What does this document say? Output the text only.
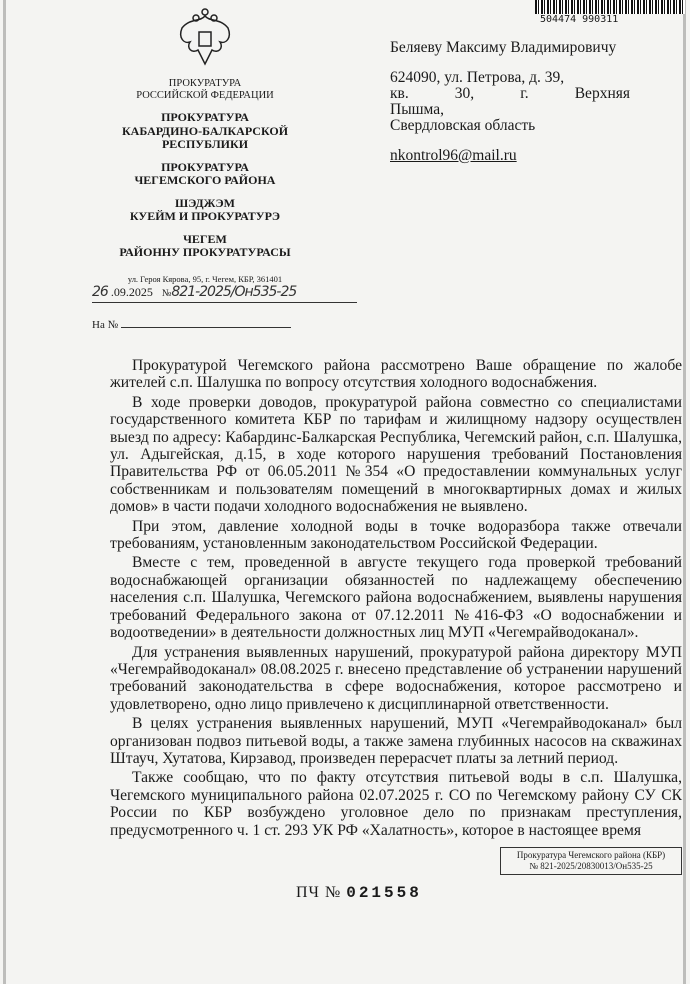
ПРОКУРАТУРА
РОССИЙСКОЙ ФЕДЕРАЦИИ
ПРОКУРАТУРА
КАБАРДИНО-БАЛКАРСКОЙ
РЕСПУБЛИКИ
ПРОКУРАТУРА
ЧЕГЕМСКОГО РАЙОНА
ШЭДЖЭМ
КУЕЙМ И ПРОКУРАТУРЭ
ЧЕГЕМ
РАЙОННУ ПРОКУРАТУРАСЫ
ул. Героя Кярова, 95, г. Чегем, КБР, 361401
26 .09.2025 №821-2025/Он535-25
На №
504474 990311

Беляеву Максиму Владимировичу

624090, ул. Петрова, д. 39,
кв. 30, г. Верхняя Пышма,
Свердловская область

nkontrol96@mail.ru

Прокуратурой Чегемского района рассмотрено Ваше обращение по жалобе жителей с.п. Шалушка по вопросу отсутствия холодного водоснабжения.

В ходе проверки доводов, прокуратурой района совместно со специалистами государственного комитета КБР по тарифам и жилищному надзору осуществлен выезд по адресу: Кабардинс-Балкарская Республика, Чегемский район, с.п. Шалушка, ул. Адыгейская, д.15, в ходе которого нарушения требований Постановления Правительства РФ от 06.05.2011 №354 «О предоставлении коммунальных услуг собственникам и пользователям помещений в многоквартирных домах и жилых домов» в части подачи холодного водоснабжения не выявлено.

При этом, давление холодной воды в точке водоразбора также отвечали требованиям, установленным законодательством Российской Федерации.

Вместе с тем, проведенной в августе текущего года проверкой требований водоснабжающей организации обязанностей по надлежащему обеспечению населения с.п. Шалушка, Чегемского района водоснабжением, выявлены нарушения требований Федерального закона от 07.12.2011 №416-ФЗ «О водоснабжении и водоотведении» в деятельности должностных лиц МУП «Чегемрайводоканал».

Для устранения выявленных нарушений, прокуратурой района директору МУП «Чегемрайводоканал» 08.08.2025 г. внесено представление об устранении нарушений требований законодательства в сфере водоснабжения, которое рассмотрено и удовлетворено, одно лицо привлечено к дисциплинарной ответственности.

В целях устранения выявленных нарушений, МУП «Чегемрайводоканал» был организован подвоз питьевой воды, а также замена глубинных насосов на скважинах Штауч, Хутатова, Кирзавод, произведен перерасчет платы за летний период.

Также сообщаю, что по факту отсутствия питьевой воды в с.п. Шалушка, Чегемского муниципального района 02.07.2025 г. СО по Чегемскому району СУ СК России по КБР возбуждено уголовное дело по признакам преступления, предусмотренного ч. 1 ст. 293 УК РФ «Халатность», которое в настоящее время

Прокуратура Чегемского района (КБР)
№ 821-2025/20830013/Он535-25
ПЧ № 021558
